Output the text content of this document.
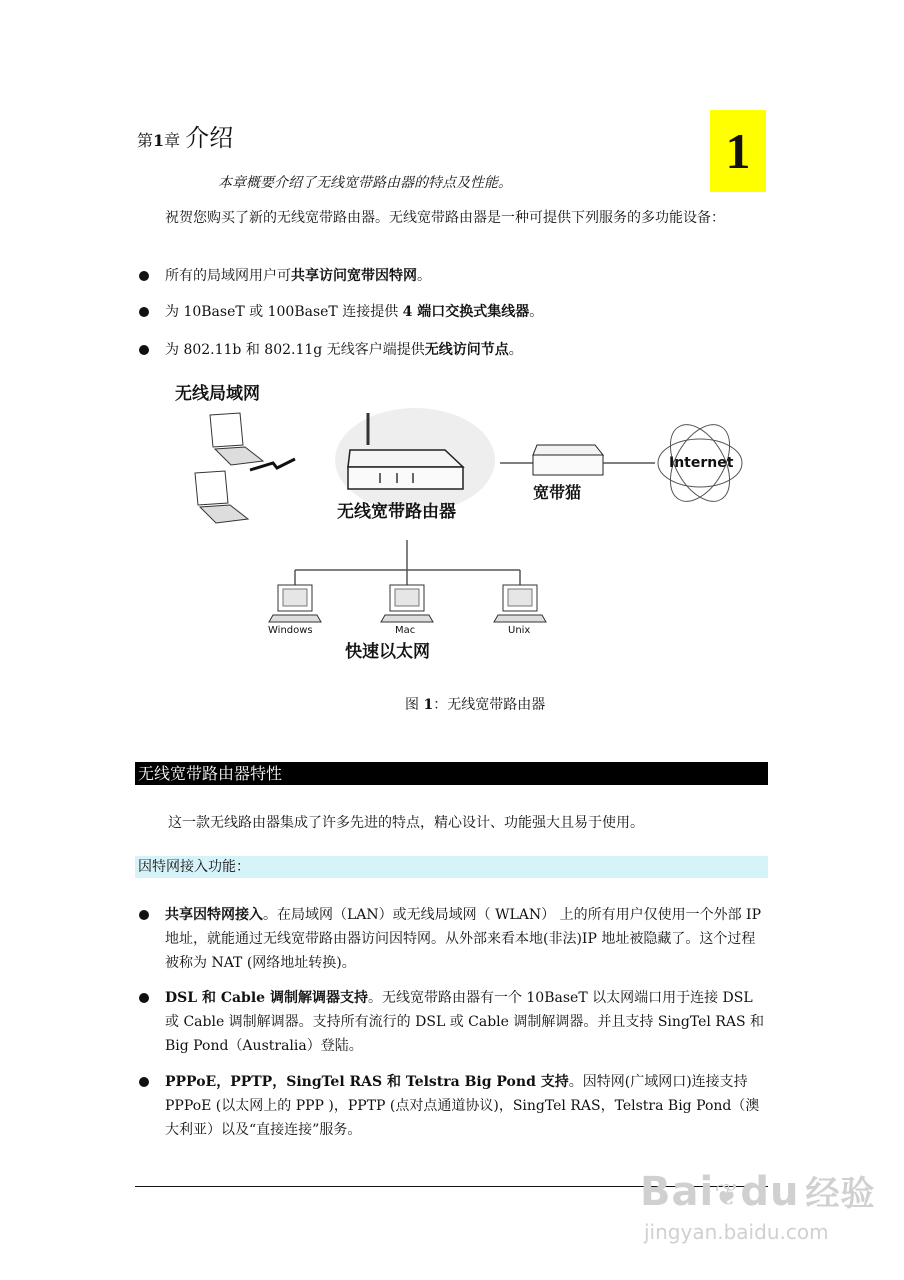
第1章 介绍	1
本章概要介绍了无线宽带路由器的特点及性能。
祝贺您购买了新的无线宽带路由器。无线宽带路由器是一种可提供下列服务的多功能设备：
所有的局域网用户可共享访问宽带因特网。
为 10BaseT 或 100BaseT 连接提供 4 端口交换式集线器。
为 802.11b 和 802.11g 无线客户端提供无线访问节点。
无线局域网
无线宽带路由器
宽带猫
Internet
Windows	Mac	Unix
快速以太网
图 1：无线宽带路由器
无线宽带路由器特性
这一款无线路由器集成了许多先进的特点，精心设计、功能强大且易于使用。
因特网接入功能：
共享因特网接入。在局域网（LAN）或无线局域网（ WLAN） 上的所有用户仅使用一个外部 IP 地址，就能通过无线宽带路由器访问因特网。从外部来看本地(非法)IP 地址被隐藏了。这个过程被称为 NAT (网络地址转换)。
DSL 和 Cable 调制解调器支持。无线宽带路由器有一个 10BaseT 以太网端口用于连接 DSL 或 Cable 调制解调器。支持所有流行的 DSL 或 Cable 调制解调器。并且支持 SingTel RAS 和 Big Pond（Australia）登陆。
PPPoE，PPTP，SingTel RAS 和 Telstra Big Pond 支持。因特网(广域网口)连接支持 PPPoE (以太网上的 PPP )，PPTP (点对点通道协议)，SingTel RAS，Telstra Big Pond（澳大利亚）以及“直接连接”服务。
Bai❦du 经验
jingyan.baidu.com
